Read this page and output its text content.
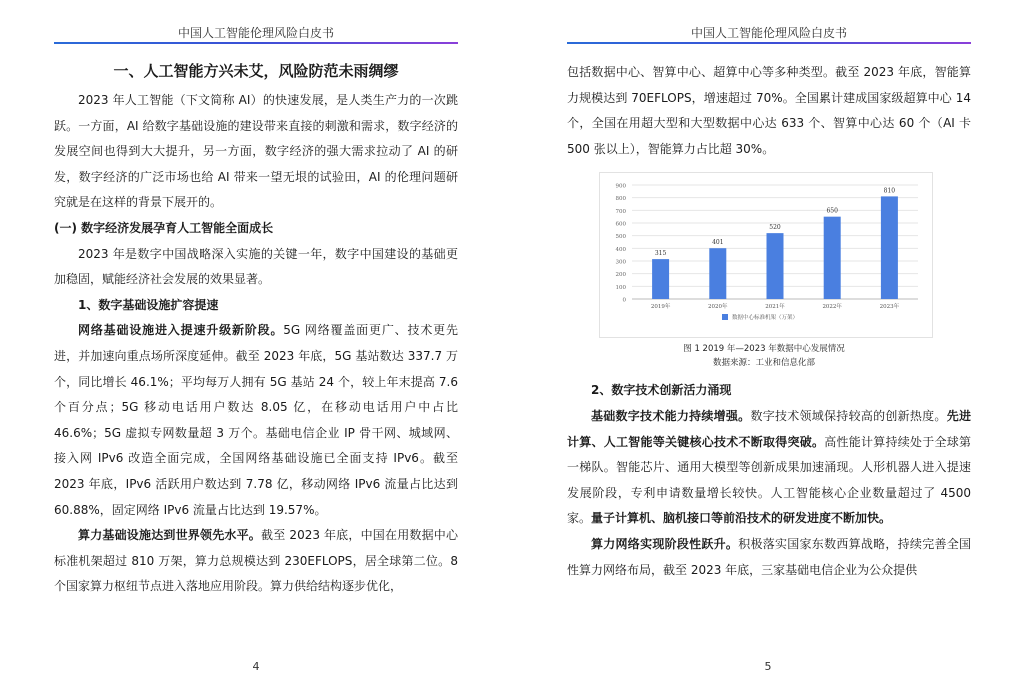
中国人工智能伦理风险白皮书
一、人工智能方兴未艾，风险防范未雨绸缪

2023 年人工智能（下文简称 AI）的快速发展，是人类生产力的一次跳跃。一方面，AI 给数字基础设施的建设带来直接的刺激和需求，数字经济的发展空间也得到大大提升，另一方面，数字经济的强大需求拉动了 AI 的研发，数字经济的广泛市场也给 AI 带来一望无垠的试验田，AI 的伦理问题研究就是在这样的背景下展开的。

(一) 数字经济发展孕育人工智能全面成长

2023 年是数字中国战略深入实施的关键一年，数字中国建设的基础更加稳固，赋能经济社会发展的效果显著。

1、数字基础设施扩容提速

网络基础设施进入提速升级新阶段。5G 网络覆盖面更广、技术更先进，并加速向重点场所深度延伸。截至 2023 年底，5G 基站数达 337.7 万个，同比增长 46.1%；平均每万人拥有 5G 基站 24 个，较上年末提高 7.6 个百分点；5G 移动电话用户数达 8.05 亿，在移动电话用户中占比 46.6%；5G 虚拟专网数量超 3 万个。基础电信企业 IP 骨干网、城域网、接入网 IPv6 改造全面完成，全国网络基础设施已全面支持 IPv6。截至 2023 年底，IPv6 活跃用户数达到 7.78 亿，移动网络 IPv6 流量占比达到 60.88%，固定网络 IPv6 流量占比达到 19.57%。

算力基础设施达到世界领先水平。截至 2023 年底，中国在用数据中心标准机架超过 810 万架，算力总规模达到 230EFLOPS，居全球第二位。8 个国家算力枢纽节点进入落地应用阶段。算力供给结构逐步优化，

4
中国人工智能伦理风险白皮书

包括数据中心、智算中心、超算中心等多种类型。截至 2023 年底，智能算力规模达到 70EFLOPS，增速超过 70%。全国累计建成国家级超算中心 14 个，全国在用超大型和大型数据中心达 633 个、智算中心达 60 个（AI 卡 500 张以上），智能算力占比超 30%。

0
100
200
300
400
500
600
700
800
900
315
2019年
401
2020年
520
2021年
650
2022年
810
2023年
数据中心标准机架（万架）
图 1 2019 年—2023 年数据中心发展情况
数据来源：工业和信息化部
2、数字技术创新活力涌现

基础数字技术能力持续增强。数字技术领域保持较高的创新热度。先进计算、人工智能等关键核心技术不断取得突破。高性能计算持续处于全球第一梯队。智能芯片、通用大模型等创新成果加速涌现。人形机器人进入提速发展阶段，专利申请数量增长较快。人工智能核心企业数量超过了 4500 家。量子计算机、脑机接口等前沿技术的研发进度不断加快。

算力网络实现阶段性跃升。积极落实国家东数西算战略，持续完善全国性算力网络布局，截至 2023 年底，三家基础电信企业为公众提供

5
